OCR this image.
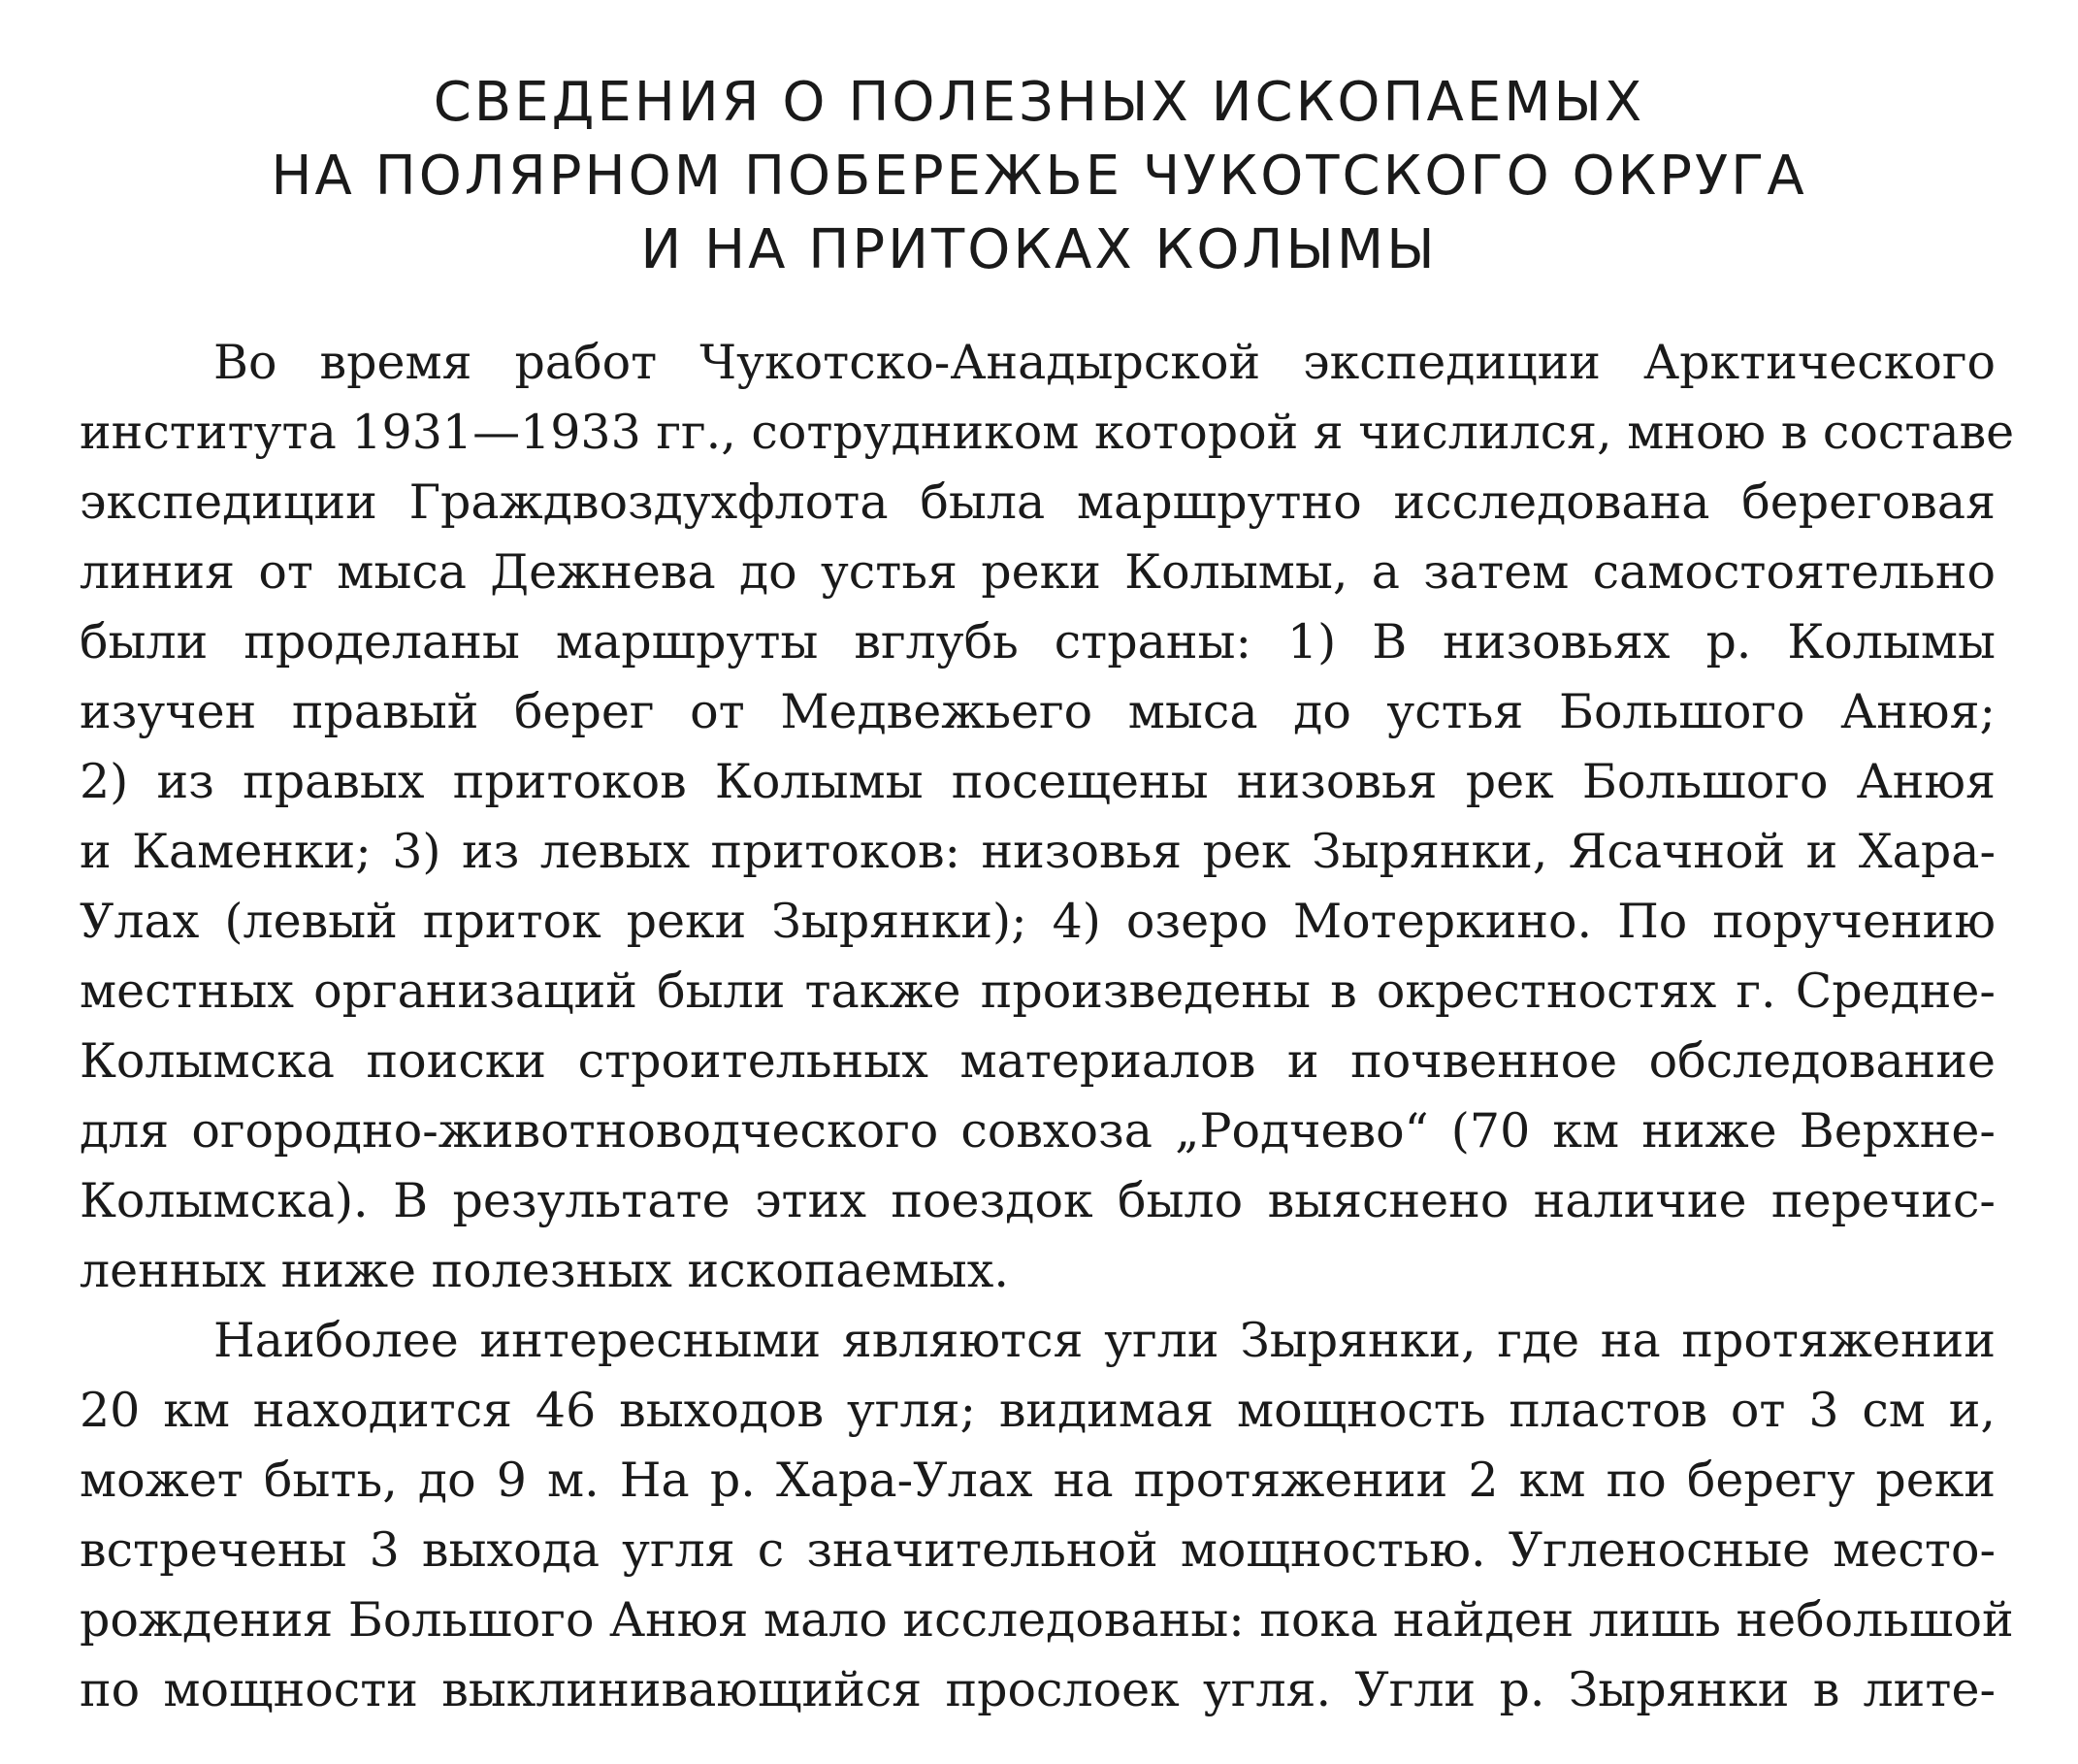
СВЕДЕНИЯ О ПОЛЕЗНЫХ ИСКОПАЕМЫХ
НА ПОЛЯРНОМ ПОБЕРЕЖЬЕ ЧУКОТСКОГО ОКРУГА
И НА ПРИТОКАХ КОЛЫМЫ
Во время работ Чукотско-Анадырской экспедиции Арктического
института 1931—1933 гг., сотрудником которой я числился, мною в составе
экспедиции Граждвоздухфлота была маршрутно исследована береговая
линия от мыса Дежнева до устья реки Колымы, а затем самостоятельно
были проделаны маршруты вглубь страны: 1) В низовьях р. Колымы
изучен правый берег от Медвежьего мыса до устья Большого Анюя;
2) из правых притоков Колымы посещены низовья рек Большого Анюя
и Каменки; 3) из левых притоков: низовья рек Зырянки, Ясачной и Хара-
Улах (левый приток реки Зырянки); 4) озеро Мотеркино. По поручению
местных организаций были также произведены в окрестностях г. Средне-
Колымска поиски строительных материалов и почвенное обследование
для огородно-животноводческого совхоза „Родчево“ (70 км ниже Верхне-
Колымска). В результате этих поездок было выяснено наличие перечис-
ленных ниже полезных ископаемых.
Наиболее интересными являются угли Зырянки, где на протяжении
20 км находится 46 выходов угля; видимая мощность пластов от 3 см и,
может быть, до 9 м. На р. Хара-Улах на протяжении 2 км по берегу реки
встречены 3 выхода угля с значительной мощностью. Угленосные место-
рождения Большого Анюя мало исследованы: пока найден лишь небольшой
по мощности выклинивающийся прослоек угля. Угли р. Зырянки в лите-
